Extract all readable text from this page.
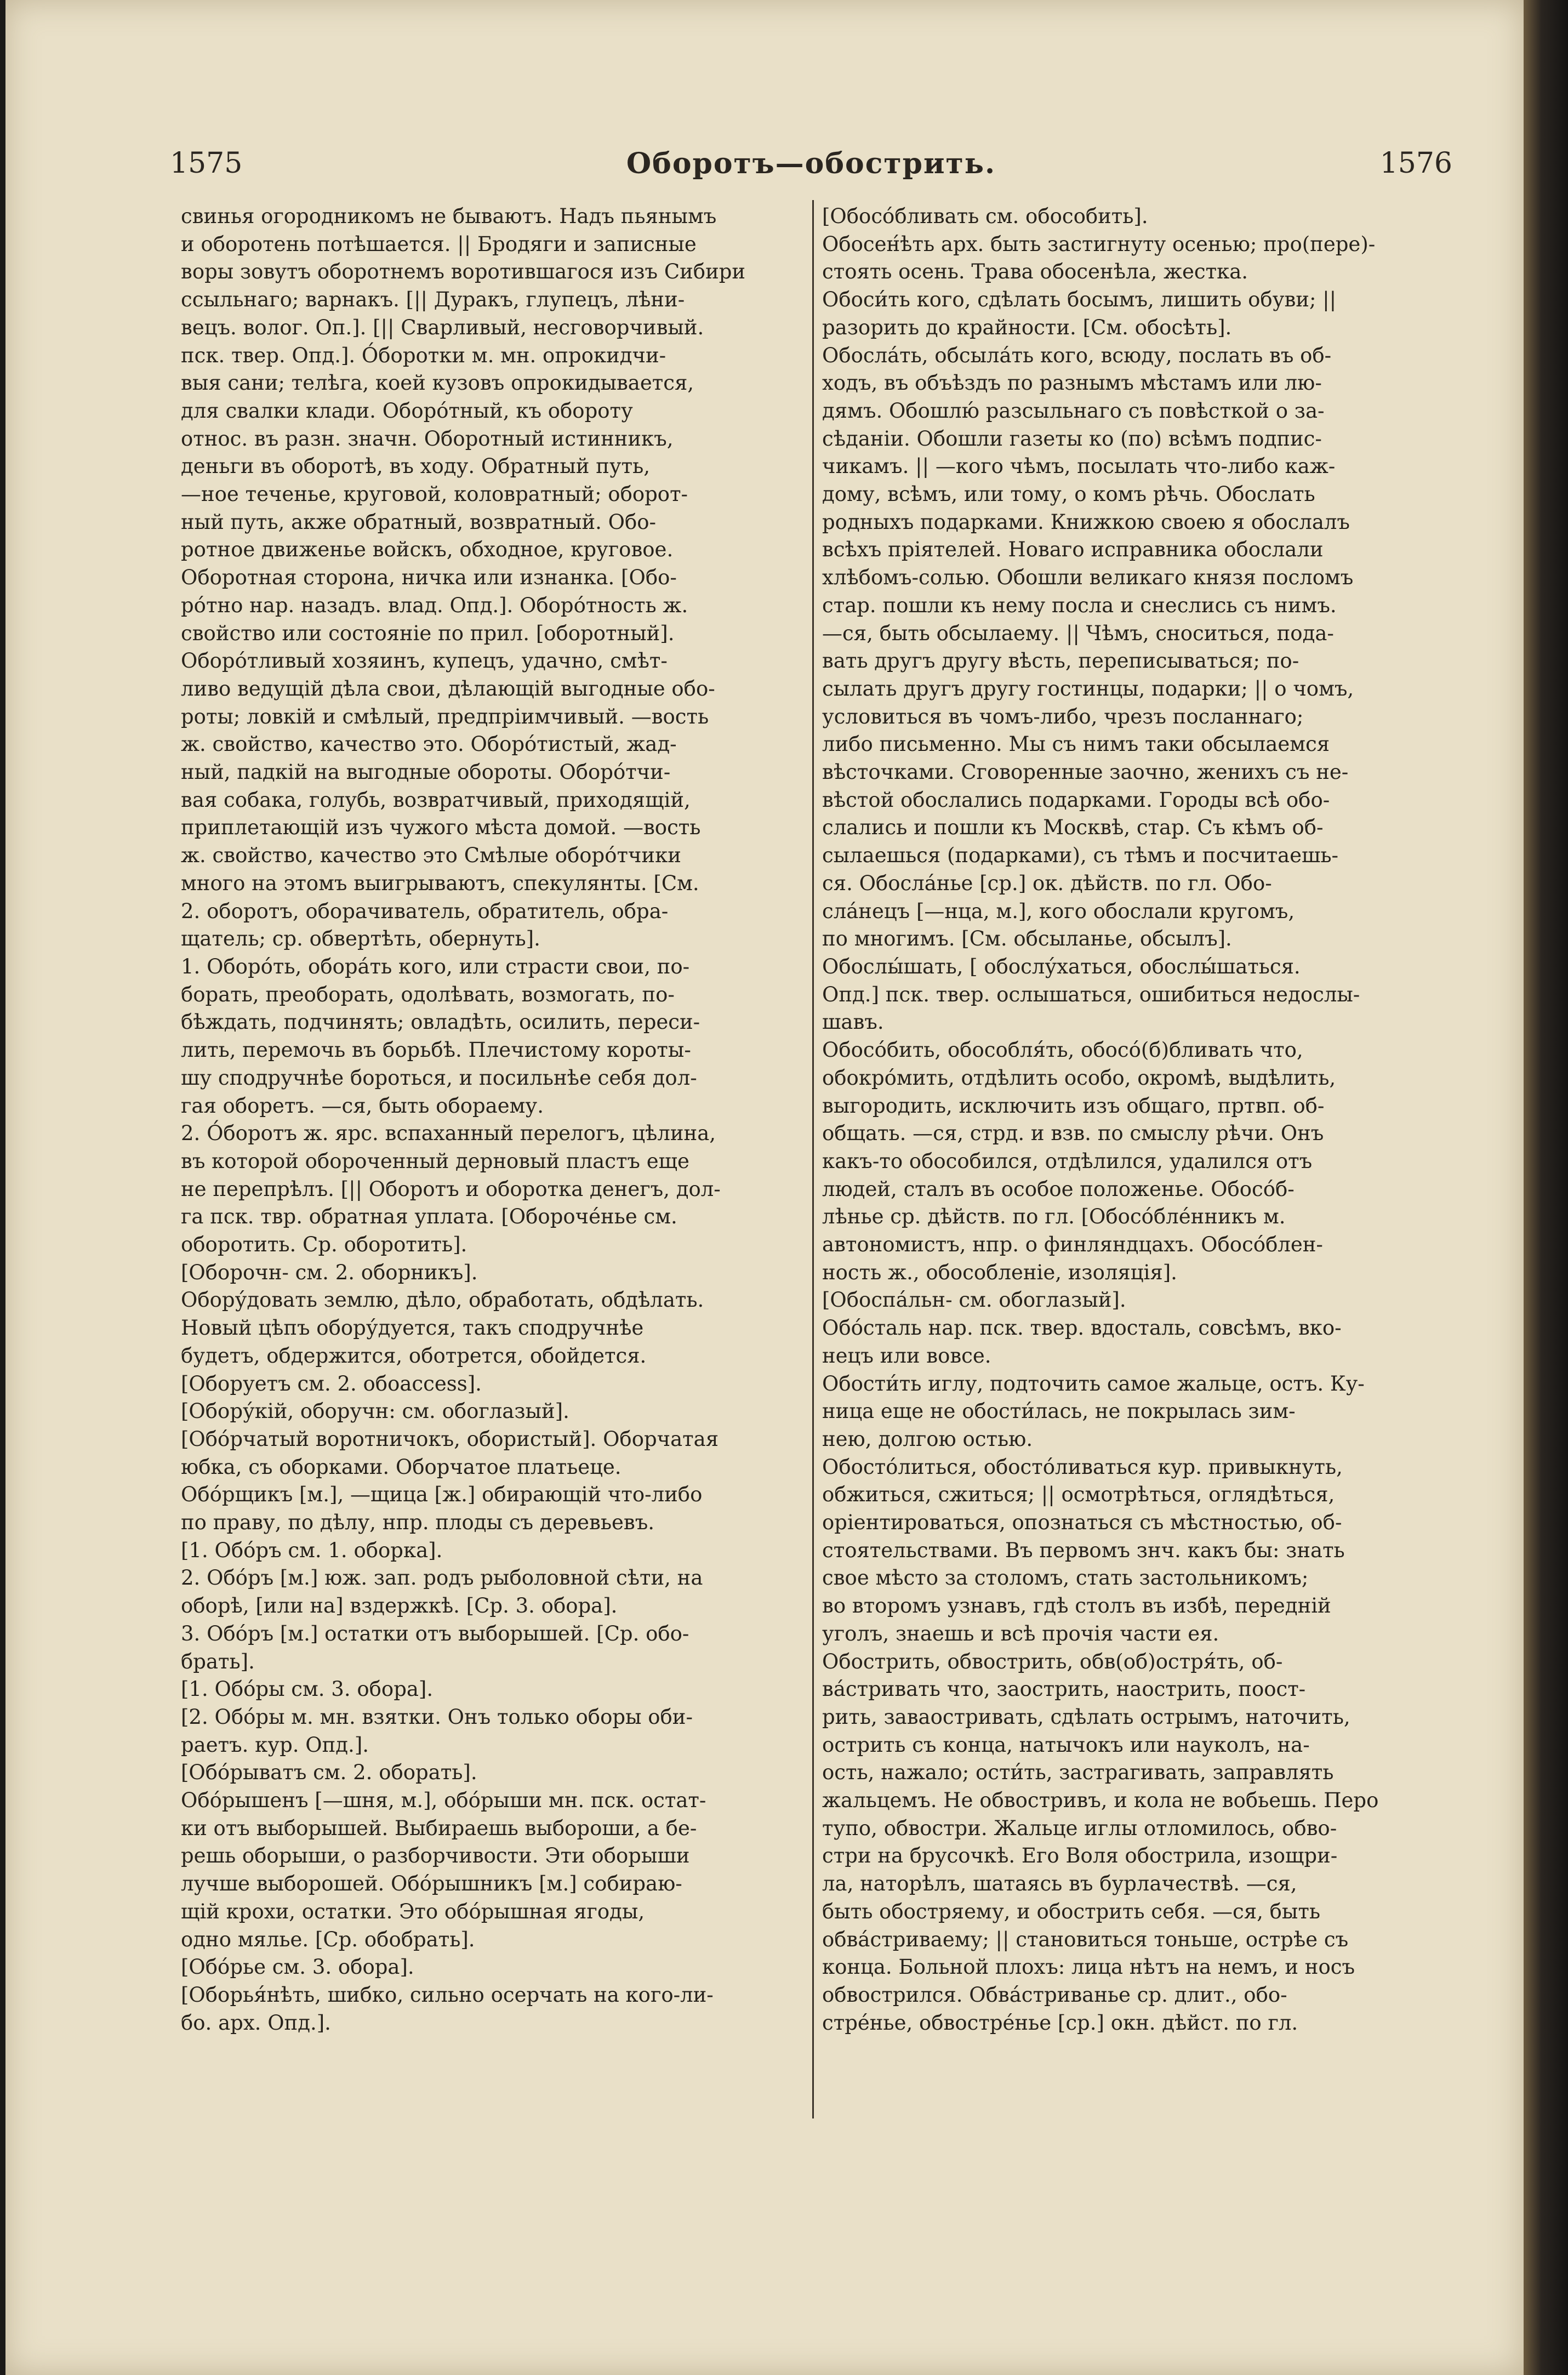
1575	Оборотъ—обострить.	1576
свинья огородникомъ не бываютъ. Надъ пьянымъ
и оборотень потѣшается. || Бродяги и записные
воры зовутъ оборотнемъ воротившагося изъ Сибири
ссыльнаго; варнакъ. [|| Дуракъ, глупецъ, лѣни-
вецъ. волог. Оп.]. [|| Сварливый, несговорчивый.
пск. твер. Опд.]. О́боротки м. мн. опрокидчи-
выя сани; телѣга, коей кузовъ опрокидывается,
для свалки клади. Оборо́тный, къ обороту
относ. въ разн. значн. Оборотный истинникъ,
деньги въ оборотѣ, въ ходу. Обратный путь,
—ное теченье, круговой, коловратный; оборот-
ный путь, акже обратный, возвратный. Обо-
ротное движенье войскъ, обходное, круговое.
Оборотная сторона, ничка или изнанка. [Обо-
ро́тно нар. назадъ. влад. Опд.]. Оборо́тность ж.
свойство или состояніе по прил. [оборотный].
Оборо́тливый хозяинъ, купецъ, удачно, смѣт-
ливо ведущій дѣла свои, дѣлающій выгодные обо-
роты; ловкій и смѣлый, предпріимчивый. —вость
ж. свойство, качество это. Оборо́тистый, жад-
ный, падкій на выгодные обороты. Оборо́тчи-
вая собака, голубь, возвратчивый, приходящій,
приплетающій изъ чужого мѣста домой. —вость
ж. свойство, качество это Смѣлые оборо́тчики
много на этомъ выигрываютъ, спекулянты. [См.
2. оборотъ, оборачиватель, обратитель, обра-
щатель; ср. обвертѣть, обернуть].
1. Оборо́ть, обора́ть кого, или страсти свои, по-
борать, преоборать, одолѣвать, возмогать, по-
бѣждать, подчинять; овладѣть, осилить, переси-
лить, перемочь въ борьбѣ. Плечистому короты-
шу сподручнѣе бороться, и посильнѣе себя дол-
гая оборетъ. —ся, быть обораему.
2. О́боротъ ж. ярс. вспаханный перелогъ, цѣлина,
въ которой обороченный дерновый пластъ еще
не перепрѣлъ. [|| Оборотъ и оборотка денегъ, дол-
га пск. твр. обратная уплата. [Обороче́нье см.
оборотить. Ср. оборотить].
[Оборочн- см. 2. оборникъ].
Обору́довать землю, дѣло, обработать, обдѣлать.
Новый цѣпъ обору́дуется, такъ сподручнѣе
будетъ, обдержится, оботрется, обойдется.
[Оборуетъ см. 2. обоaccess].
[Обору́кій, оборучн: см. обоглазый].
[Обо́рчатый воротничокъ, обористый]. Оборчатая
юбка, съ оборками. Оборчатое платьеце.
Обо́рщикъ [м.], —щица [ж.] обирающій что-либо
по праву, по дѣлу, нпр. плоды съ деревьевъ.
[1. Обо́ръ см. 1. оборка].
2. Обо́ръ [м.] юж. зап. родъ рыболовной сѣти, на
оборѣ, [или на] вздержкѣ. [Ср. 3. обора].
3. Обо́ръ [м.] остатки отъ выборышей. [Ср. обо-
брать].
[1. Обо́ры см. 3. обора].
[2. Обо́ры м. мн. взятки. Онъ только оборы оби-
раетъ. кур. Опд.].
[Обо́рыватъ см. 2. оборать].
Обо́рышенъ [—шня, м.], обо́рыши мн. пск. остат-
ки отъ выборышей. Выбираешь выбороши, а бе-
решь оборыши, о разборчивости. Эти оборыши
лучше выборошей. Обо́рышникъ [м.] собираю-
щій крохи, остатки. Это обо́рышная ягоды,
одно мялье. [Ср. обобрать].
[Обо́рье см. 3. обора].
[Оборья́нѣть, шибко, сильно осерчать на кого-ли-
бо. арх. Опд.].
[Обосо́бливать см. обособить].
Обосен́ѣть арх. быть застигнуту осенью; про(пере)-
стоять осень. Трава обосенѣла, жестка.
Обоси́ть кого, сдѣлать босымъ, лишить обуви; ||
разорить до крайности. [См. обосѣть].
Обосла́ть, обсыла́ть кого, всюду, послать въ об-
ходъ, въ объѣздъ по разнымъ мѣстамъ или лю-
дямъ. Обошлю́ разсыльнаго съ повѣсткой о за-
сѣданіи. Обошли газеты ко (по) всѣмъ подпис-
чикамъ. || —кого чѣмъ, посылать что-либо каж-
дому, всѣмъ, или тому, о комъ рѣчь. Обослать
родныхъ подарками. Книжкою своею я обослалъ
всѣхъ пріятелей. Новаго исправника обослали
хлѣбомъ-солью. Обошли великаго князя посломъ
стар. пошли къ нему посла и снеслись съ нимъ.
—ся, быть обсылаему. || Чѣмъ, сноситься, пода-
вать другъ другу вѣсть, переписываться; по-
сылать другъ другу гостинцы, подарки; || о чомъ,
условиться въ чомъ-либо, чрезъ посланнаго;
либо письменно. Мы съ нимъ таки обсылаемся
вѣсточками. Сговоренные заочно, женихъ съ не-
вѣстой обослались подарками. Городы всѣ обо-
слались и пошли къ Москвѣ, стар. Съ кѣмъ об-
сылаешься (подарками), съ тѣмъ и посчитаешь-
ся. Обосла́нье [ср.] ок. дѣйств. по гл. Обо-
сла́нецъ [—нца, м.], кого обослали кругомъ,
по многимъ. [См. обсыланье, обсылъ].
Обослы́шать, [ обослу́хаться, обослы́шаться.
Опд.] пск. твер. ослышаться, ошибиться недослы-
шавъ.
Обосо́бить, обособля́ть, обосо́(б)бливать что,
обокро́мить, отдѣлить особо, окромѣ, выдѣлить,
выгородить, исключить изъ общаго, пртвп. об-
общать. —ся, стрд. и взв. по смыслу рѣчи. Онъ
какъ-то обособился, отдѣлился, удалился отъ
людей, сталъ въ особое положенье. Обосо́б-
лѣнье ср. дѣйств. по гл. [Обосо́бле́нникъ м.
автономистъ, нпр. о финляндцахъ. Обосо́блен-
ность ж., обособленіе, изоляція].
[Обоспа́льн- см. обоглазый].
Обо́сталь нар. пск. твер. вдосталь, совсѣмъ, вко-
нецъ или вовсе.
Обости́ть иглу, подточить самое жальце, остъ. Ку-
ница еще не обости́лась, не покрылась зим-
нею, долгою остью.
Обосто́литься, обосто́ливаться кур. привыкнуть,
обжиться, сжиться; || осмотрѣться, оглядѣться,
оріентироваться, опознаться съ мѣстностью, об-
стоятельствами. Въ первомъ знч. какъ бы: знать
свое мѣсто за столомъ, стать застольникомъ;
во второмъ узнавъ, гдѣ столъ въ избѣ, передній
уголъ, знаешь и всѣ прочія части ея.
Обострить, обвострить, обв(об)остря́ть, об-
ва́стривать что, заострить, наострить, поост-
рить, заваостривать, сдѣлать острымъ, наточить,
острить съ конца, натычокъ или науколъ, на-
ость, нажало; ости́ть, застрагивать, заправлять
жальцемъ. Не обвостривъ, и кола не вобьешь. Перо
тупо, обвостри. Жальце иглы отломилось, обво-
стри на брусочкѣ. Его Воля обострила, изощри-
ла, наторѣлъ, шатаясь въ бурлачествѣ. —ся,
быть обостряему, и обострить себя. —ся, быть
обва́стриваему; || становиться тоньше, острѣе съ
конца. Больной плохъ: лица нѣтъ на немъ, и носъ
обвострился. Обва́стриванье ср. длит., обо-
стре́нье, обвостре́нье [ср.] окн. дѣйст. по гл.
